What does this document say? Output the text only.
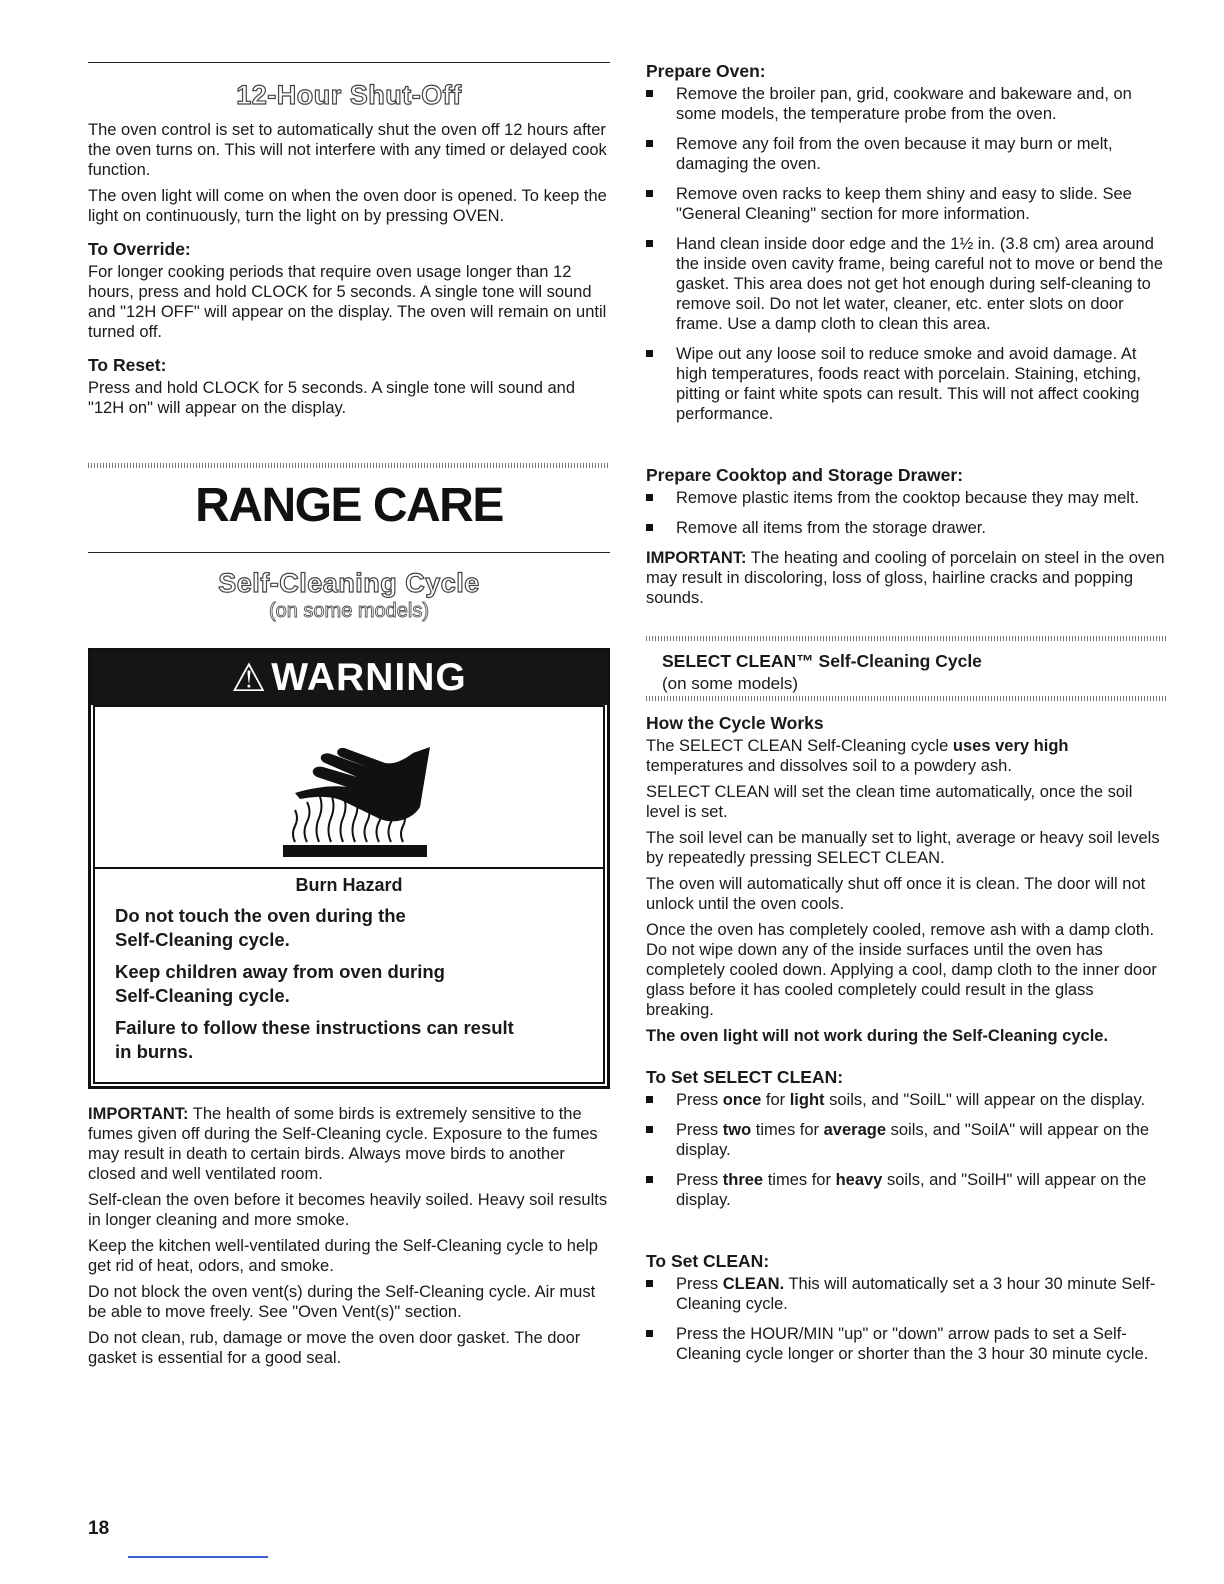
12-Hour Shut-Off

The oven control is set to automatically shut the oven off 12 hours after the oven turns on. This will not interfere with any timed or delayed cook function.

The oven light will come on when the oven door is opened. To keep the light on continuously, turn the light on by pressing OVEN.

To Override:

For longer cooking periods that require oven usage longer than 12 hours, press and hold CLOCK for 5 seconds. A single tone will sound and "12H OFF" will appear on the display. The oven will remain on until turned off.

To Reset:

Press and hold CLOCK for 5 seconds. A single tone will sound and "12H on" will appear on the display.

RANGE CARE
Self-Cleaning Cycle
(on some models)
⚠ WARNING
Burn Hazard
Do not touch the oven during the
Self-Cleaning cycle.
Keep children away from oven during
Self-Cleaning cycle.
Failure to follow these instructions can result
in burns.

IMPORTANT: The health of some birds is extremely sensitive to the fumes given off during the Self-Cleaning cycle. Exposure to the fumes may result in death to certain birds. Always move birds to another closed and well ventilated room.

Self-clean the oven before it becomes heavily soiled. Heavy soil results in longer cleaning and more smoke.

Keep the kitchen well-ventilated during the Self-Cleaning cycle to help get rid of heat, odors, and smoke.

Do not block the oven vent(s) during the Self-Cleaning cycle. Air must be able to move freely. See "Oven Vent(s)" section.

Do not clean, rub, damage or move the oven door gasket. The door gasket is essential for a good seal.

Prepare Oven:
Remove the broiler pan, grid, cookware and bakeware and, on some models, the temperature probe from the oven.
Remove any foil from the oven because it may burn or melt, damaging the oven.
Remove oven racks to keep them shiny and easy to slide. See "General Cleaning" section for more information.
Hand clean inside door edge and the 1½ in. (3.8 cm) area around the inside oven cavity frame, being careful not to move or bend the gasket. This area does not get hot enough during self-cleaning to remove soil. Do not let water, cleaner, etc. enter slots on door frame. Use a damp cloth to clean this area.
Wipe out any loose soil to reduce smoke and avoid damage. At high temperatures, foods react with porcelain. Staining, etching, pitting or faint white spots can result. This will not affect cooking performance.
Prepare Cooktop and Storage Drawer:
Remove plastic items from the cooktop because they may melt.
Remove all items from the storage drawer.

IMPORTANT: The heating and cooling of porcelain on steel in the oven may result in discoloring, loss of gloss, hairline cracks and popping sounds.

SELECT CLEAN™ Self-Cleaning Cycle

(on some models)

How the Cycle Works

The SELECT CLEAN Self-Cleaning cycle uses very high temperatures and dissolves soil to a powdery ash.

SELECT CLEAN will set the clean time automatically, once the soil level is set.

The soil level can be manually set to light, average or heavy soil levels by repeatedly pressing SELECT CLEAN.

The oven will automatically shut off once it is clean. The door will not unlock until the oven cools.

Once the oven has completely cooled, remove ash with a damp cloth. Do not wipe down any of the inside surfaces until the oven has completely cooled down. Applying a cool, damp cloth to the inner door glass before it has cooled completely could result in the glass breaking.

The oven light will not work during the Self-Cleaning cycle.

To Set SELECT CLEAN:
Press once for light soils, and "SoilL" will appear on the display.
Press two times for average soils, and "SoilA" will appear on the display.
Press three times for heavy soils, and "SoilH" will appear on the display.
To Set CLEAN:
Press CLEAN. This will automatically set a 3 hour 30 minute Self-Cleaning cycle.
Press the HOUR/MIN "up" or "down" arrow pads to set a Self-Cleaning cycle longer or shorter than the 3 hour 30 minute cycle.
18
